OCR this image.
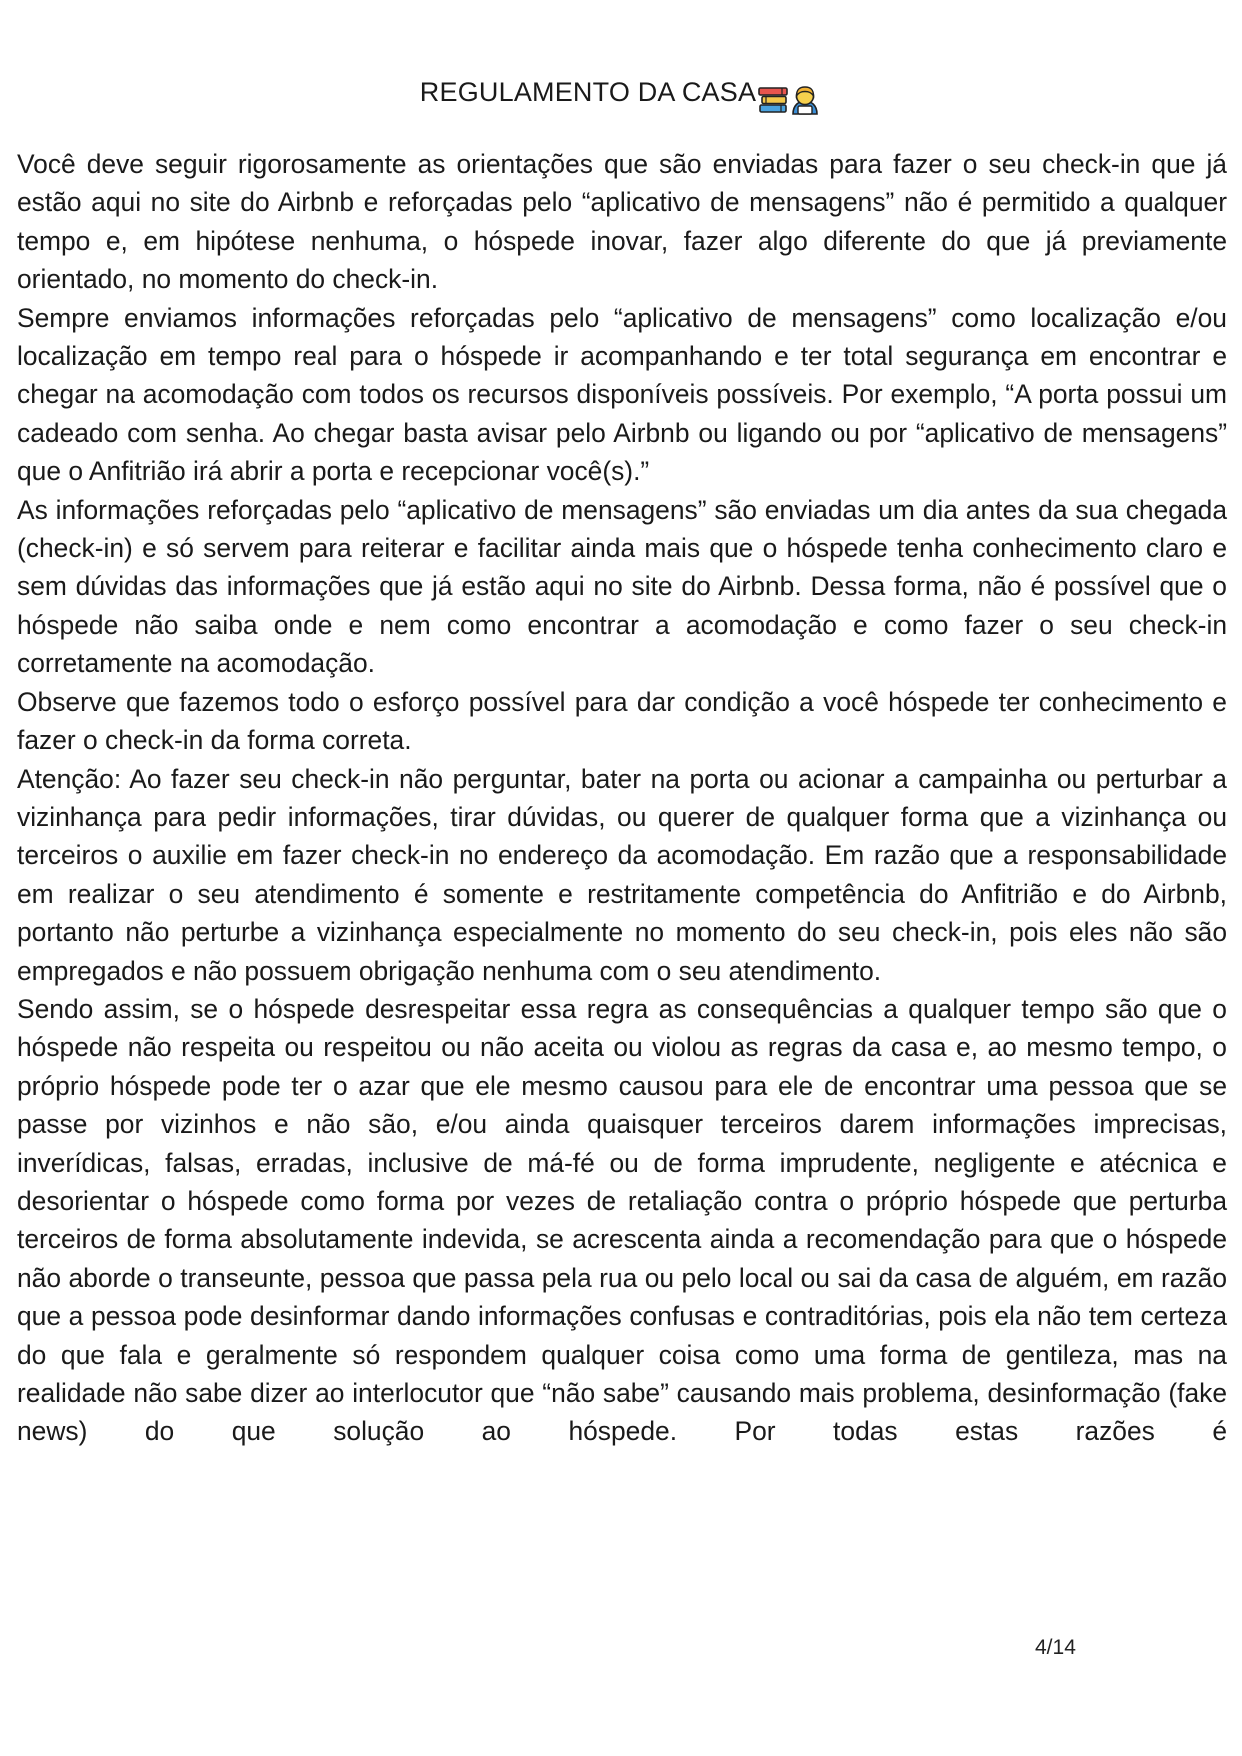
REGULAMENTO DA CASA

Você deve seguir rigorosamente as orientações que são enviadas para fazer o seu check-in que já estão aqui no site do Airbnb e reforçadas pelo “aplicativo de mensagens” não é permitido a qualquer tempo e, em hipótese nenhuma, o hóspede inovar, fazer algo diferente do que já previamente orientado, no momento do check-in.

Sempre enviamos informações reforçadas pelo “aplicativo de mensagens” como localização e/ou localização em tempo real para o hóspede ir acompanhando e ter total segurança em encontrar e chegar na acomodação com todos os recursos disponíveis possíveis. Por exemplo, “A porta possui um cadeado com senha. Ao chegar basta avisar pelo Airbnb ou ligando ou por “aplicativo de mensagens” que o Anfitrião irá abrir a porta e recepcionar você(s).”

As informações reforçadas pelo “aplicativo de mensagens” são enviadas um dia antes da sua chegada (check-in) e só servem para reiterar e facilitar ainda mais que o hóspede tenha conhecimento claro e sem dúvidas das informações que já estão aqui no site do Airbnb. Dessa forma, não é possível que o hóspede não saiba onde e nem como encontrar a acomodação e como fazer o seu check-in corretamente na acomodação.

Observe que fazemos todo o esforço possível para dar condição a você hóspede ter conhecimento e fazer o check-in da forma correta.

Atenção: Ao fazer seu check-in não perguntar, bater na porta ou acionar a campainha ou perturbar a vizinhança para pedir informações, tirar dúvidas, ou querer de qualquer forma que a vizinhança ou terceiros o auxilie em fazer check-in no endereço da acomodação. Em razão que a responsabilidade em realizar o seu atendimento é somente e restritamente competência do Anfitrião e do Airbnb, portanto não perturbe a vizinhança especialmente no momento do seu check-in, pois eles não são empregados e não possuem obrigação nenhuma com o seu atendimento.

Sendo assim, se o hóspede desrespeitar essa regra as consequências a qualquer tempo são que o hóspede não respeita ou respeitou ou não aceita ou violou as regras da casa e, ao mesmo tempo, o próprio hóspede pode ter o azar que ele mesmo causou para ele de encontrar uma pessoa que se passe por vizinhos e não são, e/ou ainda quaisquer terceiros darem informações imprecisas, inverídicas, falsas, erradas, inclusive de má-fé ou de forma imprudente, negligente e atécnica e desorientar o hóspede como forma por vezes de retaliação contra o próprio hóspede que perturba terceiros de forma absolutamente indevida, se acrescenta ainda a recomendação para que o hóspede não aborde o transeunte, pessoa que passa pela rua ou pelo local ou sai da casa de alguém, em razão que a pessoa pode desinformar dando informações confusas e contraditórias, pois ela não tem certeza do que fala e geralmente só respondem qualquer coisa como uma forma de gentileza, mas na realidade não sabe dizer ao interlocutor que “não sabe” causando mais problema, desinformação (fake news) do que solução ao hóspede. Por todas estas razões é

4/14
